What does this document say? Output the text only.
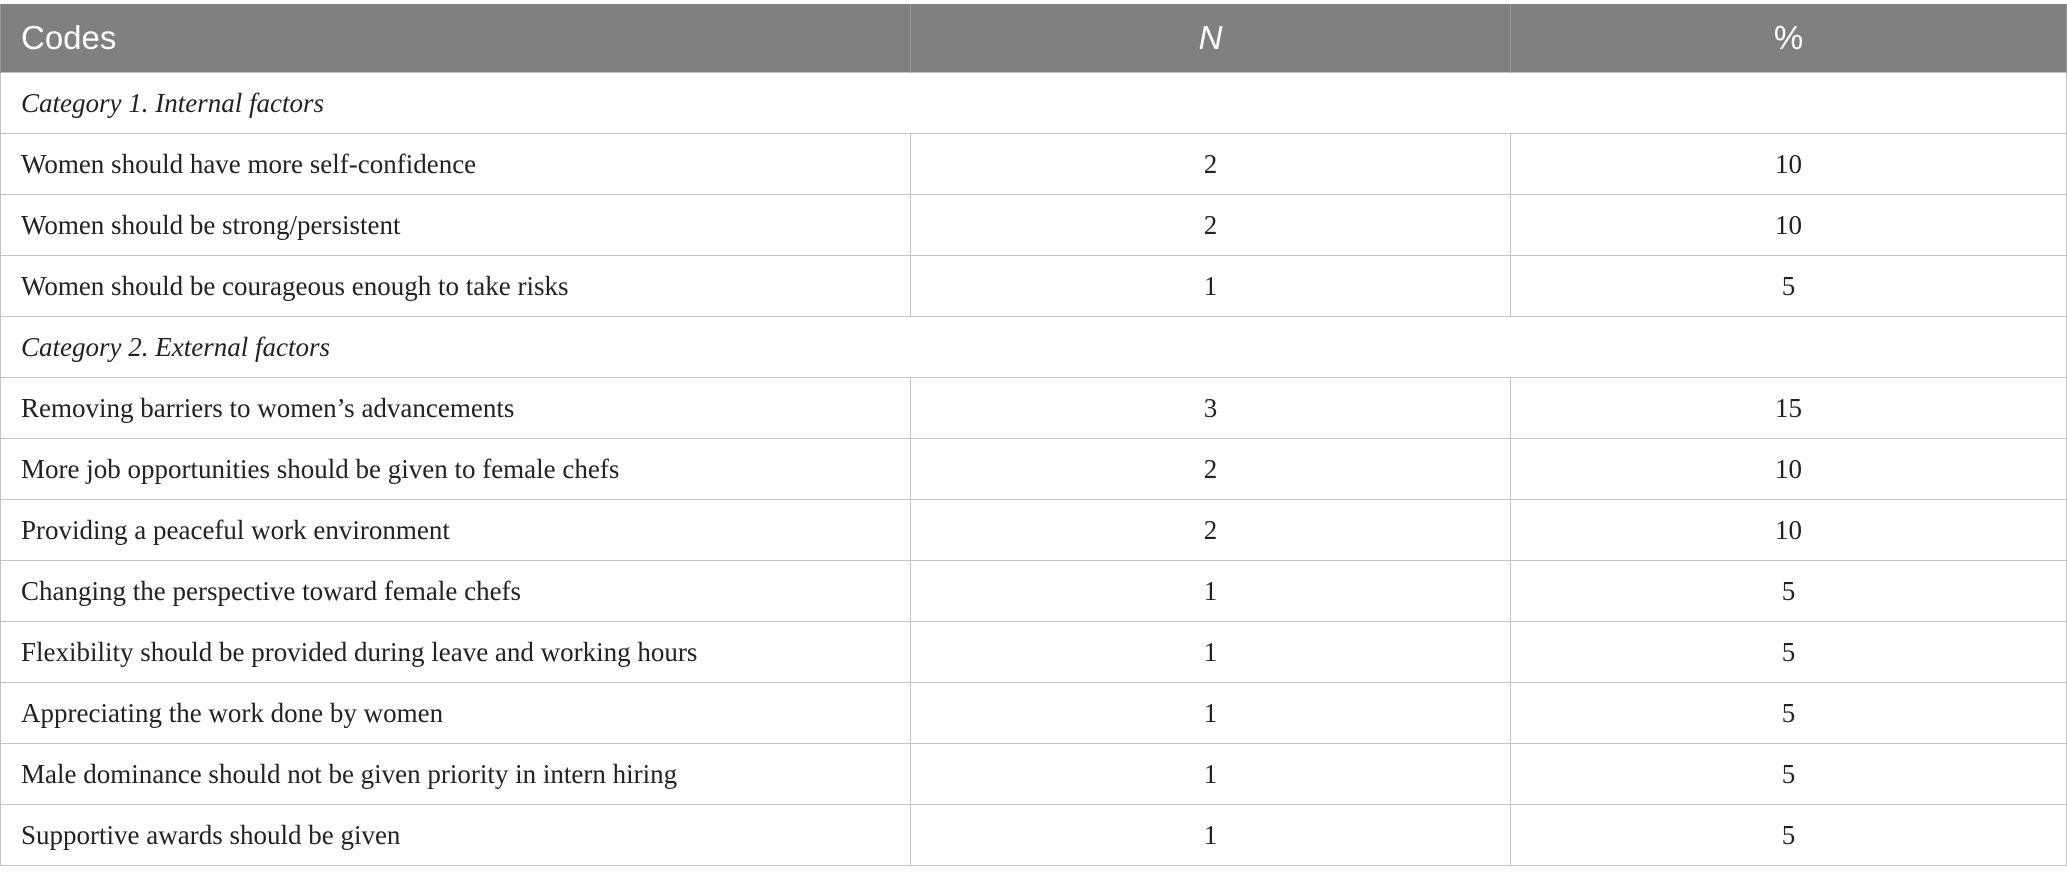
Codes	N	%
Category 1. Internal factors		
Women should have more self-confidence	2	10
Women should be strong/persistent	2	10
Women should be courageous enough to take risks	1	5
Category 2. External factors		
Removing barriers to women’s advancements	3	15
More job opportunities should be given to female chefs	2	10
Providing a peaceful work environment	2	10
Changing the perspective toward female chefs	1	5
Flexibility should be provided during leave and working hours	1	5
Appreciating the work done by women	1	5
Male dominance should not be given priority in intern hiring	1	5
Supportive awards should be given	1	5
